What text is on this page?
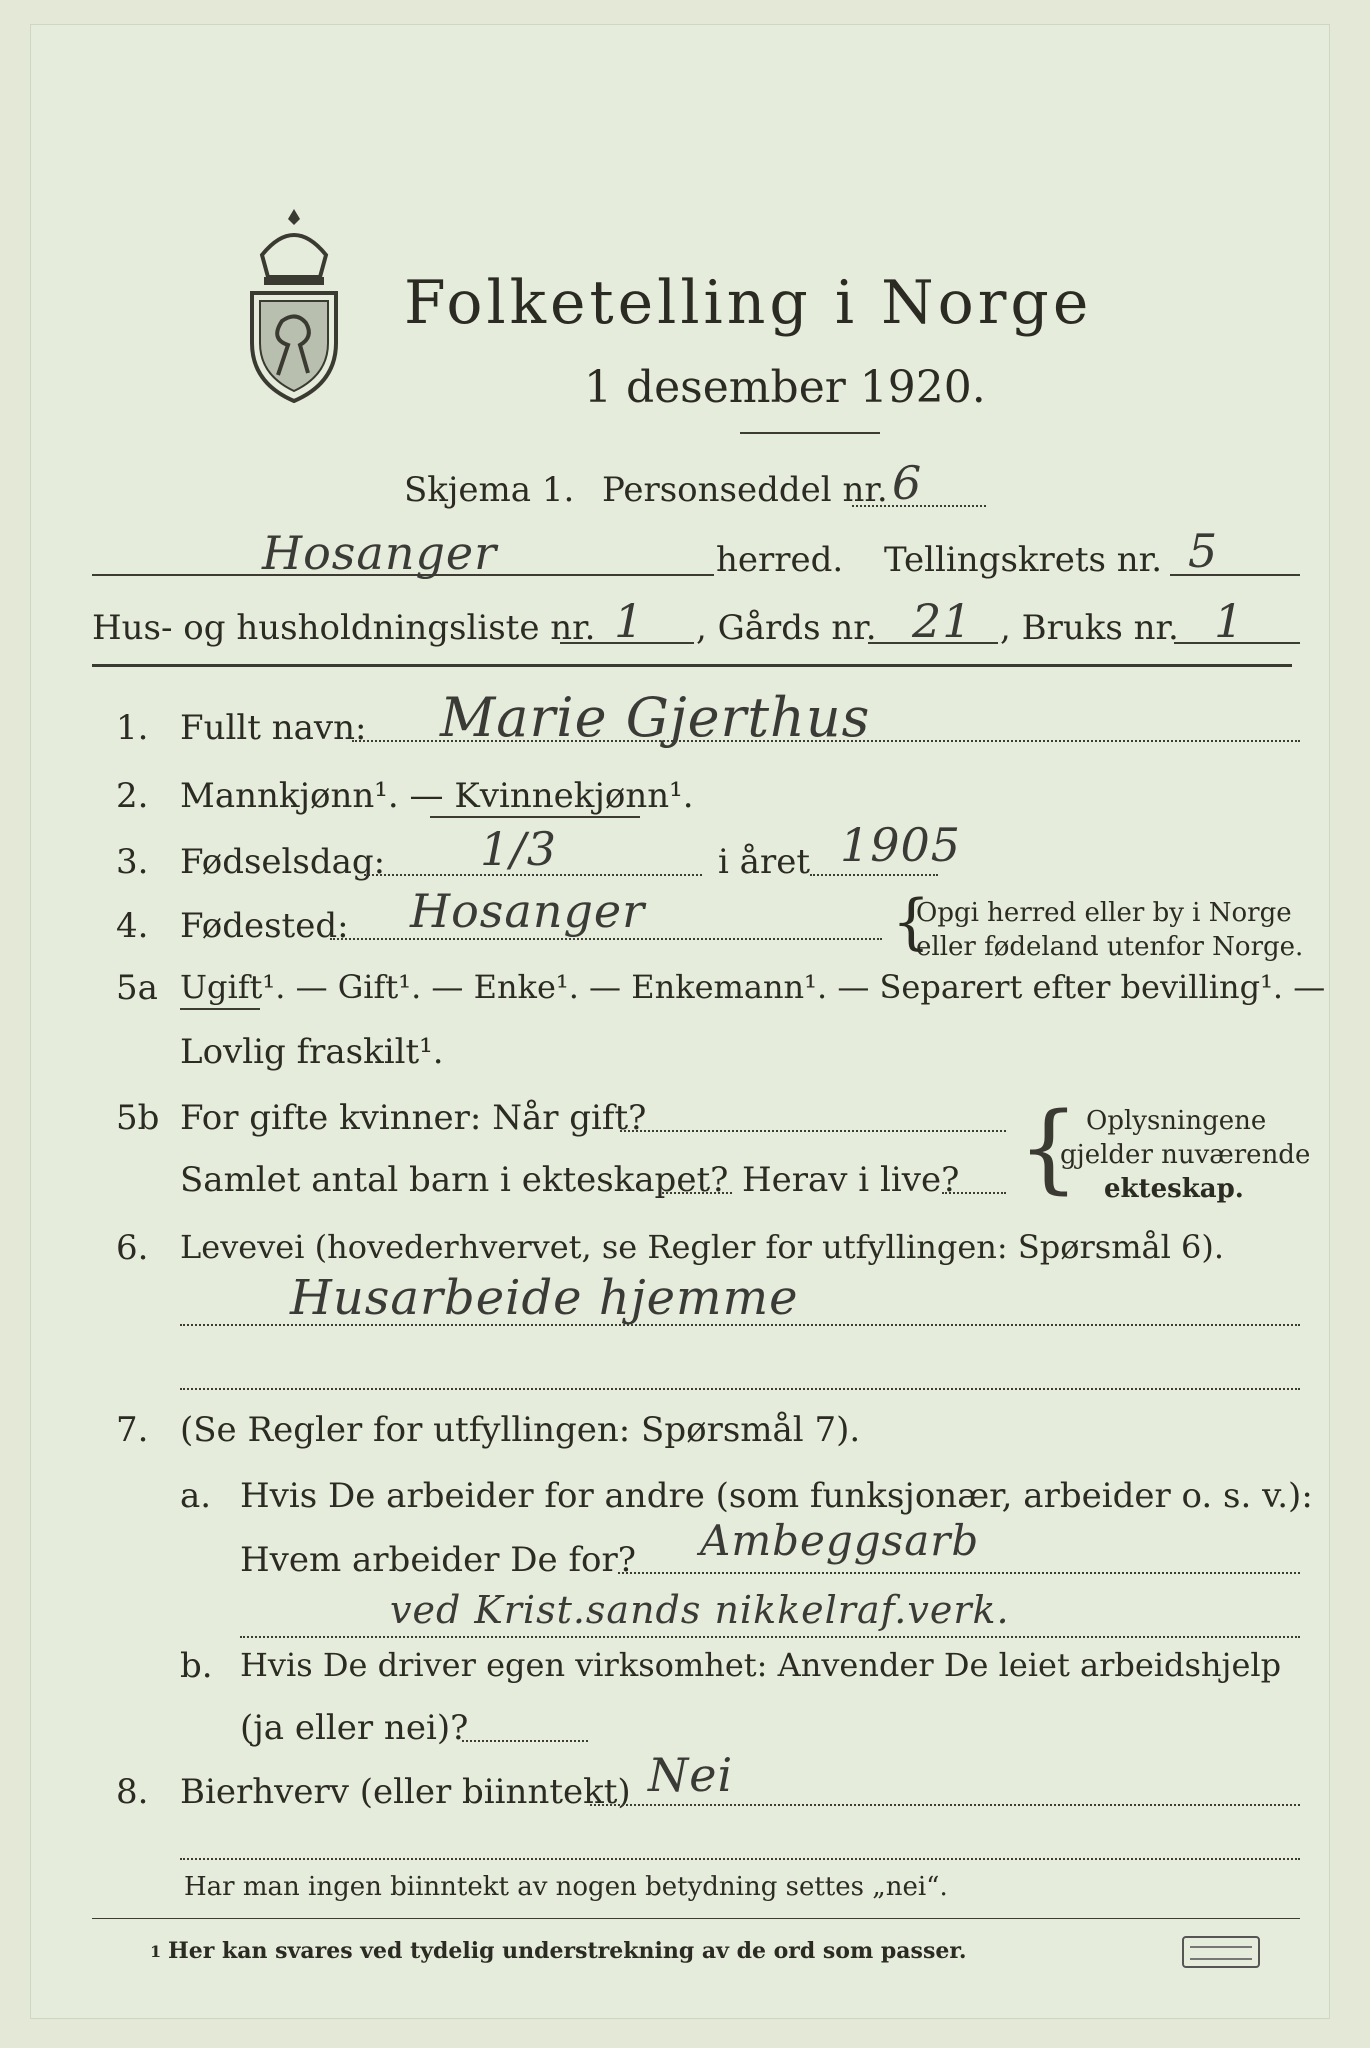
Folketelling i Norge
1 desember 1920.
Skjema 1. Personseddel nr. 6
Hosanger	herred. Tellingskrets nr. 5
Hus- og husholdningsliste nr. 1 , Gårds nr. 21 , Bruks nr. 1
1. Fullt navn: Marie Gjerthus
2. Mannkjønn¹. — Kvinnekjønn¹.
3. Fødselsdag: 1/3	i året 1905
4. Fødested: Hosanger	{
Opgi herred eller by i Norge
eller fødeland utenfor Norge.
5a Ugift¹. — Gift¹. — Enke¹. — Enkemann¹. — Separert efter bevilling¹. —
Lovlig fraskilt¹.
5b For gifte kvinner: Når gift?
Samlet antal barn i ekteskapet? Herav i live? { Oplysningene
gjelder nuværende
ekteskap.
6. Levevei (hovederhvervet, se Regler for utfyllingen: Spørsmål 6).
Husarbeide hjemme
7. (Se Regler for utfyllingen: Spørsmål 7).
a. Hvis De arbeider for andre (som funksjonær, arbeider o. s. v.):
Hvem arbeider De for? Ambeggsarb
ved Krist.sands nikkelraf.verk.
b. Hvis De driver egen virksomhet: Anvender De leiet arbeidshjelp
(ja eller nei)?
8. Bierhverv (eller biinntekt) Nei
Har man ingen biinntekt av nogen betydning settes „nei“.
1 Her kan svares ved tydelig understrekning av de ord som passer.
